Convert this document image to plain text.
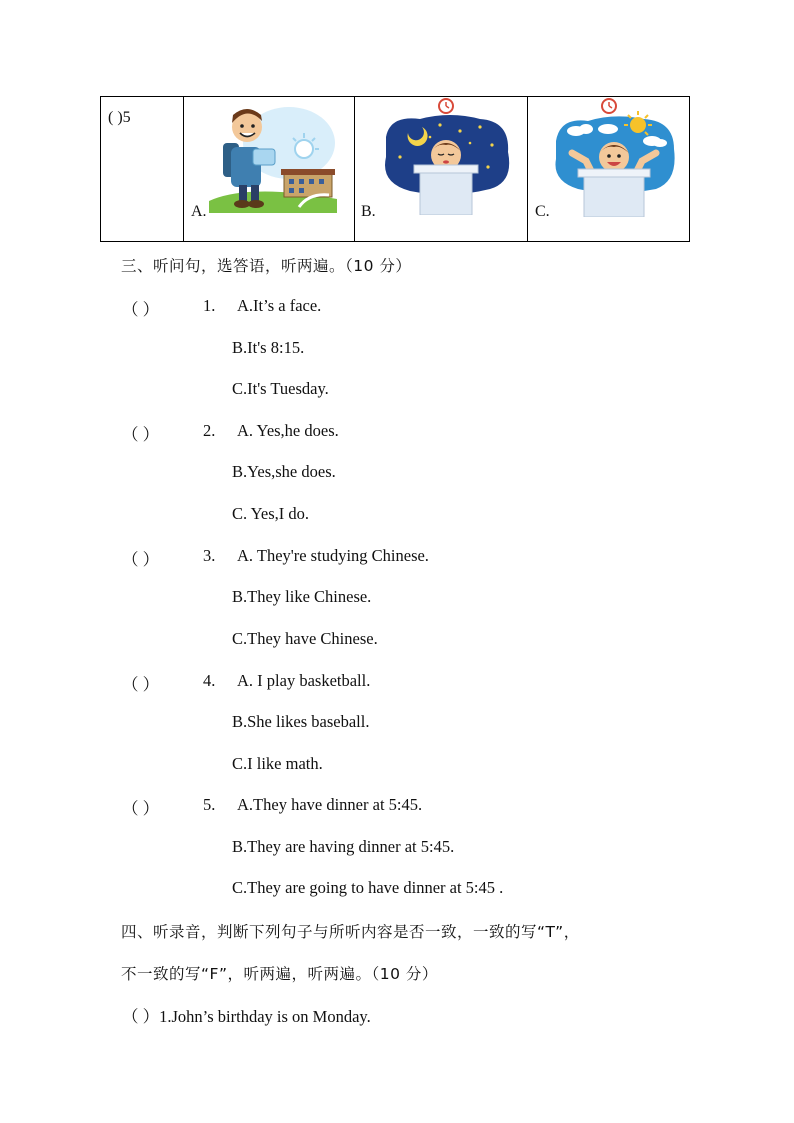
( )5

A.	B.	C.
三、听问句，选答语，听两遍。（10 分）
（ ）	1. A.It’s a face.
B.It's 8:15.
C.It's Tuesday.
（ ）	2. A. Yes,he does.
B.Yes,she does.
C. Yes,I do.
（ ）	3. A. They're studying Chinese.
B.They like Chinese.
C.They have Chinese.
（ ）	4. A. I play basketball.
B.She likes baseball.
C.I like math.
（ ）	5. A.They have dinner at 5:45.
B.They are having dinner at 5:45.
C.They are going to have dinner at 5:45 .
四、听录音，判断下列句子与所听内容是否一致，一致的写“T”，
不一致的写“F”，听两遍，听两遍。（10 分）
（ ）1.John’s birthday is on Monday.
